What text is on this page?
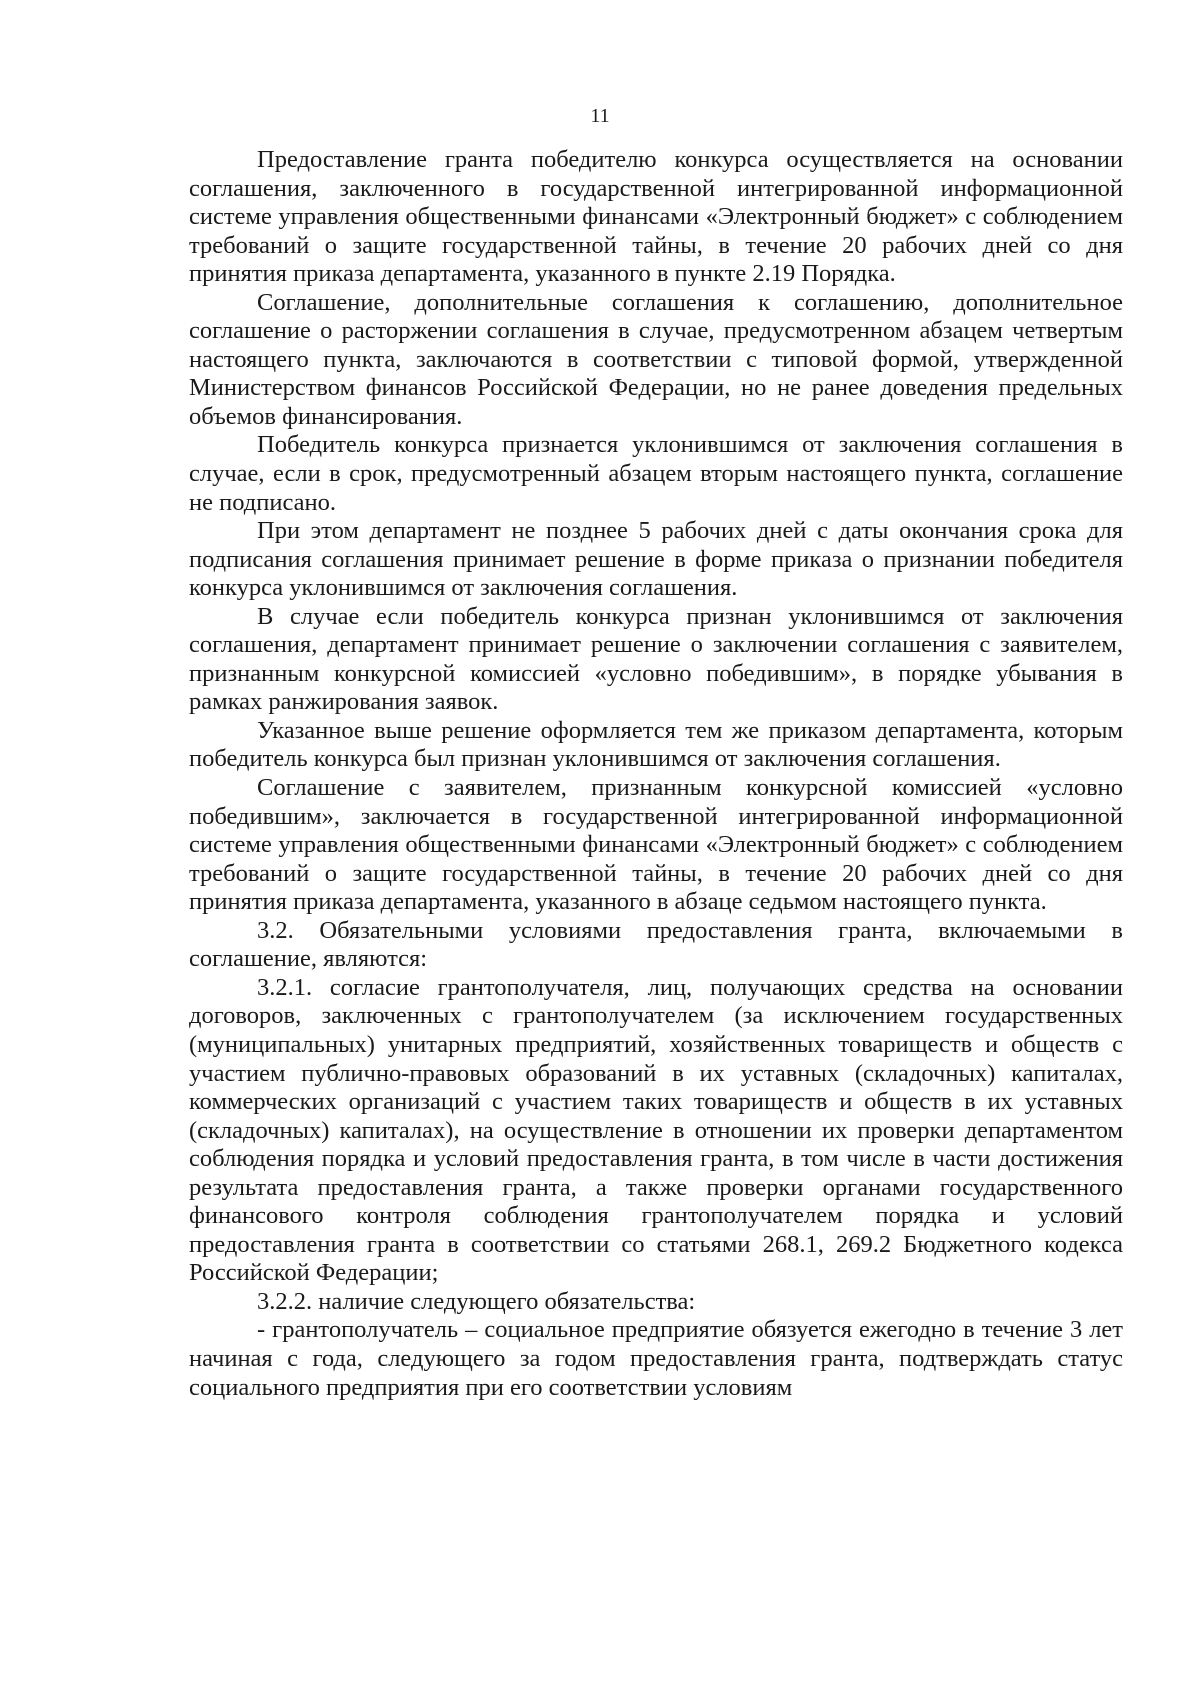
11

Предоставление гранта победителю конкурса осуществляется на основании соглашения, заключенного в государственной интегрированной информационной системе управления общественными финансами «Электронный бюджет» с соблюдением требований о защите государственной тайны, в течение 20 рабочих дней со дня принятия приказа департамента, указанного в пункте 2.19 Порядка.

Соглашение, дополнительные соглашения к соглашению, дополнительное соглашение о расторжении соглашения в случае, предусмотренном абзацем четвертым настоящего пункта, заключаются в соответствии с типовой формой, утвержденной Министерством финансов Российской Федерации, но не ранее доведения предельных объемов финансирования.

Победитель конкурса признается уклонившимся от заключения соглашения в случае, если в срок, предусмотренный абзацем вторым настоящего пункта, соглашение не подписано.

При этом департамент не позднее 5 рабочих дней с даты окончания срока для подписания соглашения принимает решение в форме приказа о признании победителя конкурса уклонившимся от заключения соглашения.

В случае если победитель конкурса признан уклонившимся от заключения соглашения, департамент принимает решение о заключении соглашения с заявителем, признанным конкурсной комиссией «условно победившим», в порядке убывания в рамках ранжирования заявок.

Указанное выше решение оформляется тем же приказом департамента, которым победитель конкурса был признан уклонившимся от заключения соглашения.

Соглашение с заявителем, признанным конкурсной комиссией «условно победившим», заключается в государственной интегрированной информационной системе управления общественными финансами «Электронный бюджет» с соблюдением требований о защите государственной тайны, в течение 20 рабочих дней со дня принятия приказа департамента, указанного в абзаце седьмом настоящего пункта.

3.2. Обязательными условиями предоставления гранта, включаемыми в соглашение, являются:

3.2.1. согласие грантополучателя, лиц, получающих средства на основании договоров, заключенных с грантополучателем (за исключением государственных (муниципальных) унитарных предприятий, хозяйственных товариществ и обществ с участием публично-правовых образований в их уставных (складочных) капиталах, коммерческих организаций с участием таких товариществ и обществ в их уставных (складочных) капиталах), на осуществление в отношении их проверки департаментом соблюдения порядка и условий предоставления гранта, в том числе в части достижения результата предоставления гранта, а также проверки органами государственного финансового контроля соблюдения грантополучателем порядка и условий предоставления гранта в соответствии со статьями 268.1, 269.2 Бюджетного кодекса Российской Федерации;

3.2.2. наличие следующего обязательства:

- грантополучатель – социальное предприятие обязуется ежегодно в течение 3 лет начиная с года, следующего за годом предоставления гранта, подтверждать статус социального предприятия при его соответствии условиям
